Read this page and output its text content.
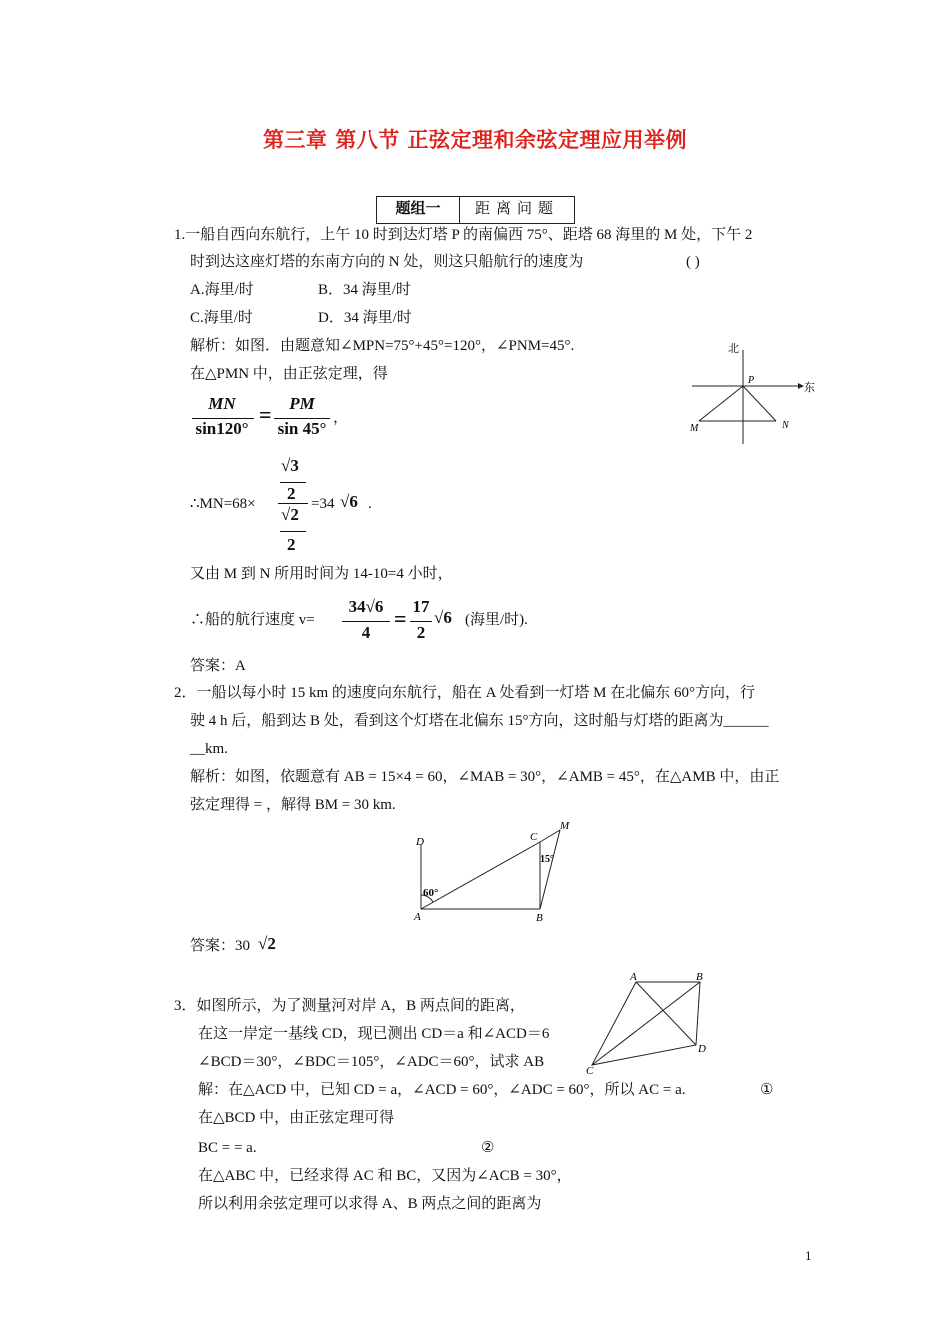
第三章 第八节 正弦定理和余弦定理应用举例
题组一	距离问题
1.一船自西向东航行，上午 10 时到达灯塔 P 的南偏西 75°、距塔 68 海里的 M 处，下午 2
时到达这座灯塔的东南方向的 N 处，则这只船航行的速度为	( )
A.海里/时	B．34 海里/时
C.海里/时	D．34 海里/时
解析：如图．由题意知∠MPN=75°+45°=120°，∠PNM=45°.
在△PMN 中，由正弦定理，得
MN
sin120°
=	PM
sin 45°
，
∴MN=68×
√3
2
√2
2
=34 √6 .
又由 M 到 N 所用时间为 14-10=4 小时，
∴船的航行速度 v=
34√6
4
= 17
2
√6 (海里/时).
答案：A
北
东
P
M	N
2．一船以每小时 15 km 的速度向东航行，船在 A 处看到一灯塔 M 在北偏东 60°方向，行
驶 4 h 后，船到达 B 处，看到这个灯塔在北偏东 15°方向，这时船与灯塔的距离为______
__km.
解析：如图，依题意有 AB = 15×4 = 60，∠MAB = 30°，∠AMB = 45°，在△AMB 中，由正
弦定理得 = ，解得 BM = 30 km.
D	C
M
A	B
60°
15°
答案：30 √2
3．如图所示，为了测量河对岸 A，B 两点间的距离，
在这一岸定一基线 CD，现已测出 CD＝a 和∠ACD＝6
∠BCD＝30°，∠BDC＝105°，∠ADC＝60°，试求 AB
A	B
D
C
解：在△ACD 中，已知 CD = a，∠ACD = 60°，∠ADC = 60°，所以 AC = a.	①
在△BCD 中，由正弦定理可得
BC = = a.	②
在△ABC 中，已经求得 AC 和 BC，又因为∠ACB = 30°，
所以利用余弦定理可以求得 A、B 两点之间的距离为
1
